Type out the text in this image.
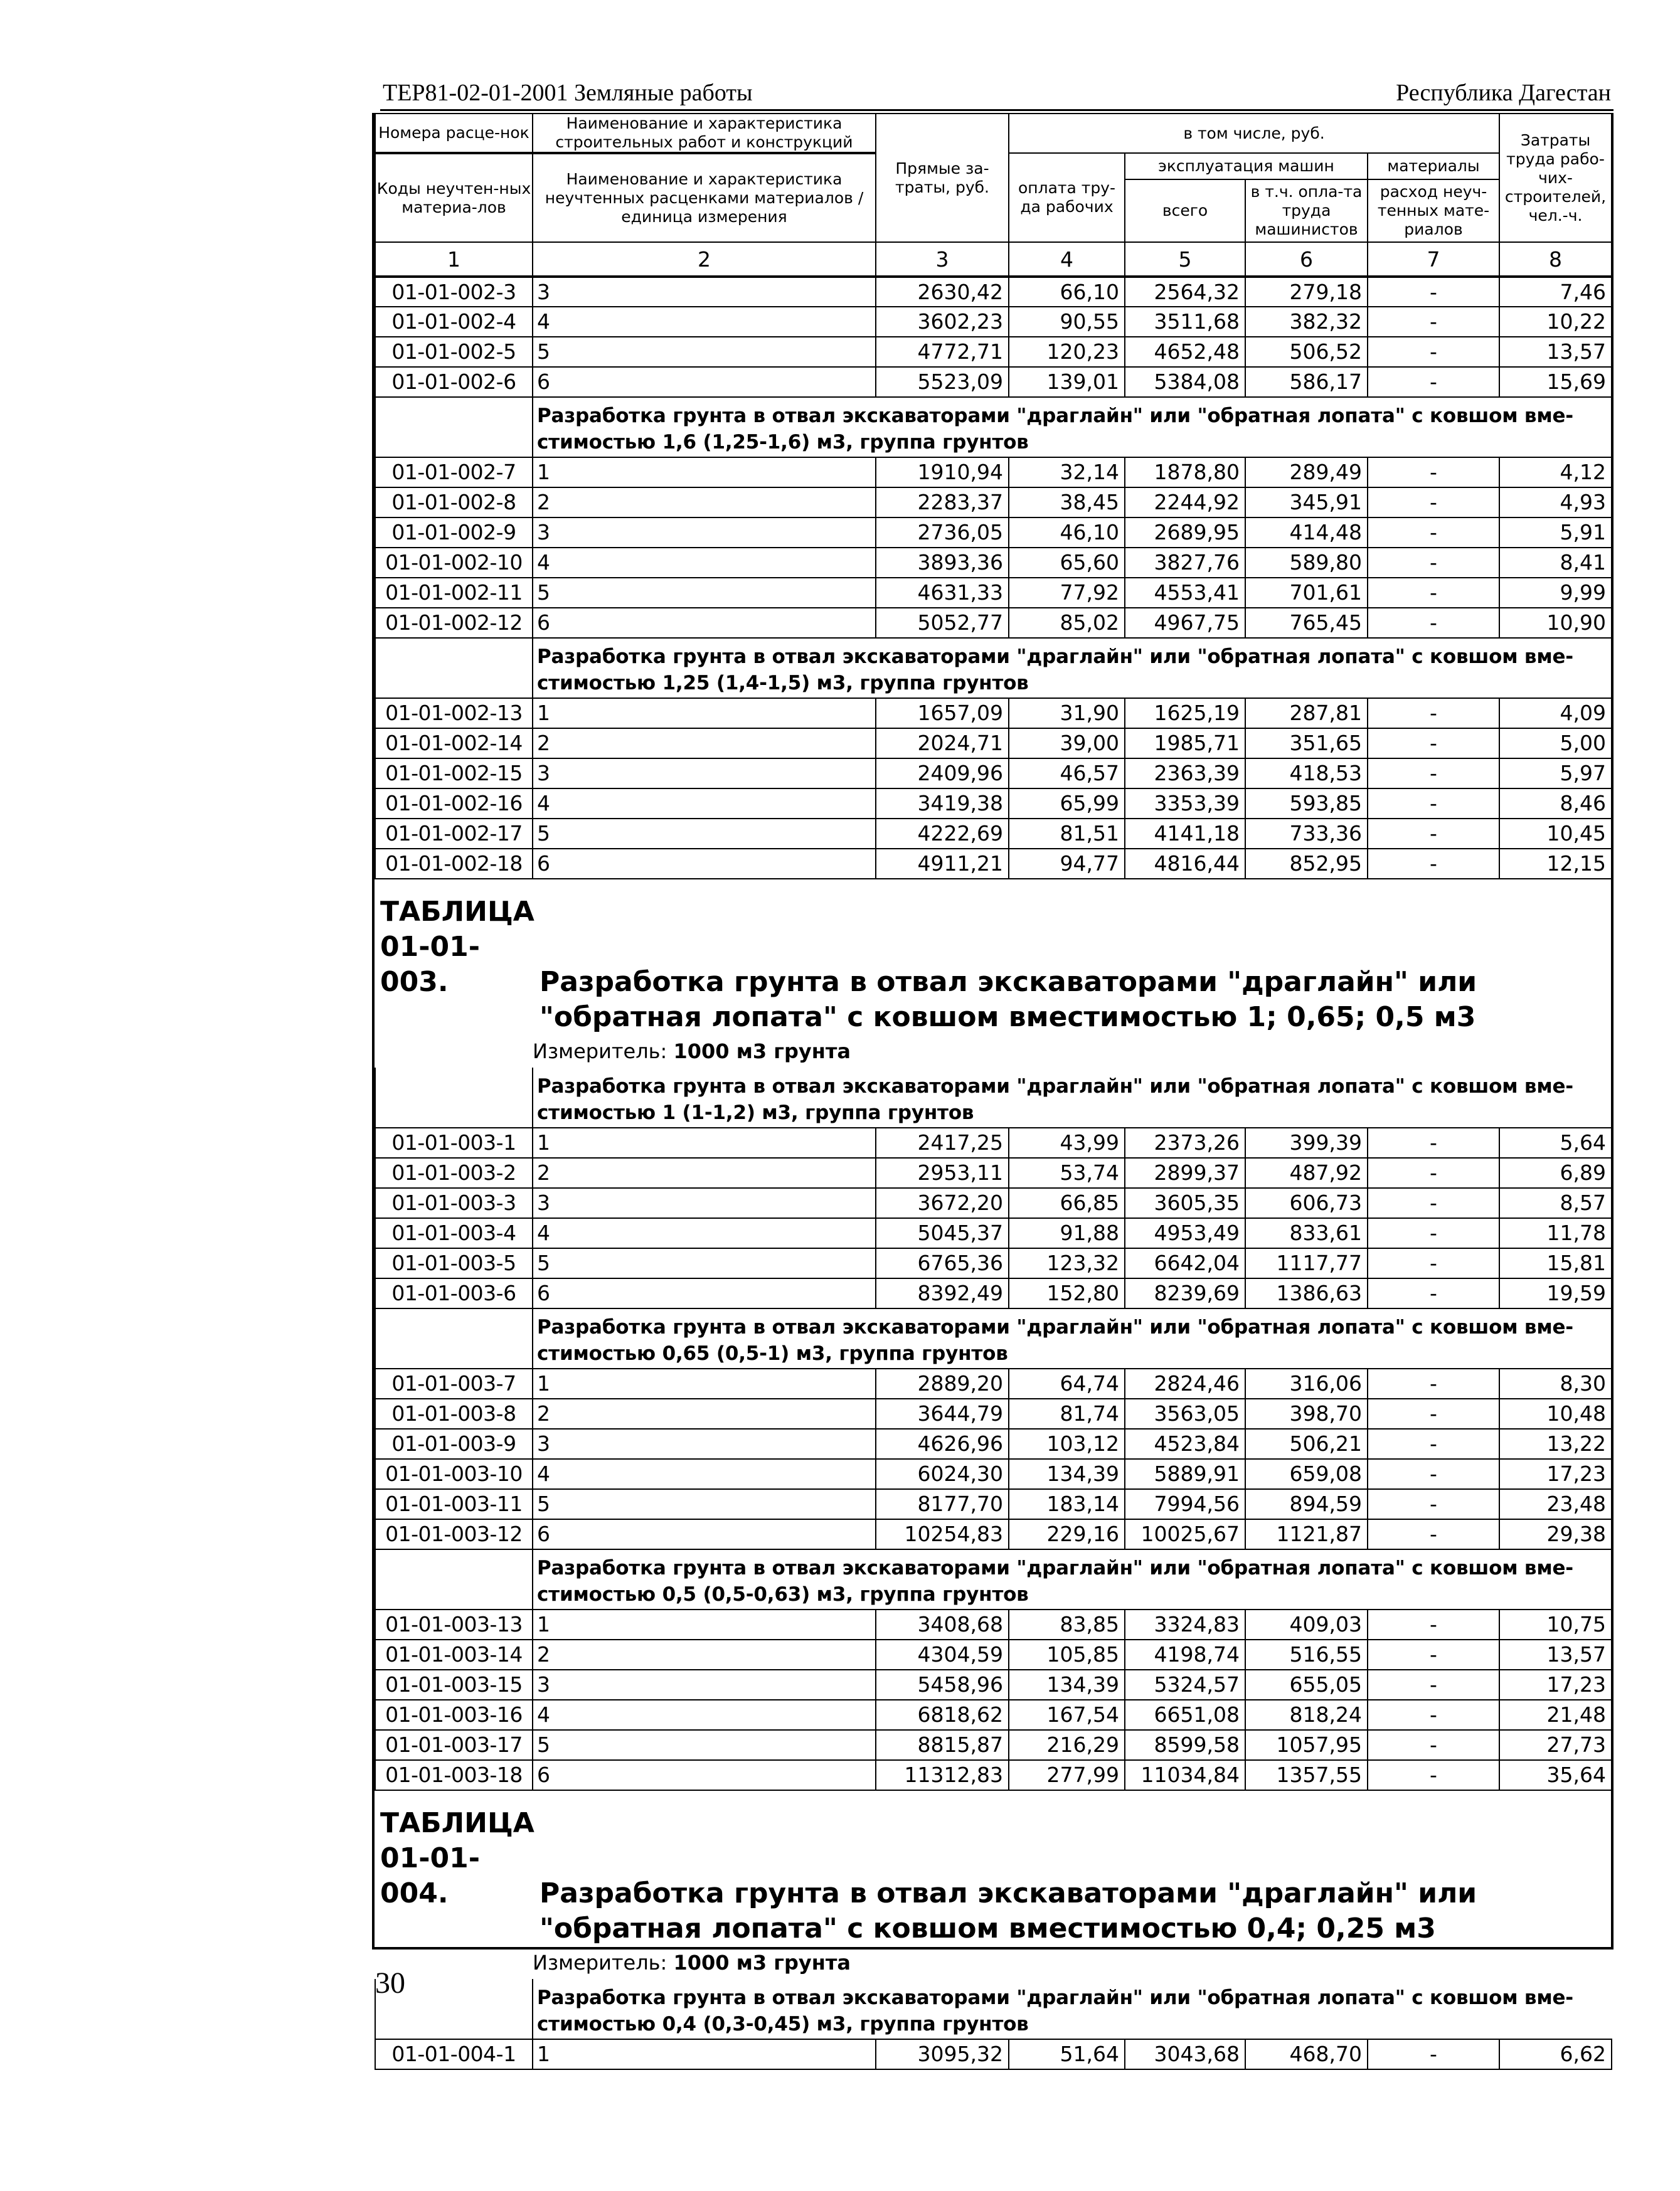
ТЕР81-02-01-2001 Земляные работы	Республика Дагестан
Номера расце-нок	Наименование и характеристика строительных работ и конструкций	Прямые за-траты, руб.	в том числе, руб.				Затраты труда рабо-чих-строителей, чел.-ч.
Коды неучтен-ных материа-лов	Наименование и характеристика неучтенных расценками материалов / единица измерения		оплата тру-да рабочих	эксплуатация машин		материалы	
				всего	в т.ч. опла-та труда машинистов	расход неуч-тенных мате-риалов	
1	2	3	4	5	6	7	8
01-01-002-3	3	2630,42	66,10	2564,32	279,18	-	7,46
01-01-002-4	4	3602,23	90,55	3511,68	382,32	-	10,22
01-01-002-5	5	4772,71	120,23	4652,48	506,52	-	13,57
01-01-002-6	6	5523,09	139,01	5384,08	586,17	-	15,69
	Разработка грунта в отвал экскаваторами "драглайн" или "обратная лопата" с ковшом вме-стимостью 1,6 (1,25-1,6) м3, группа грунтов						
01-01-002-7	1	1910,94	32,14	1878,80	289,49	-	4,12
01-01-002-8	2	2283,37	38,45	2244,92	345,91	-	4,93
01-01-002-9	3	2736,05	46,10	2689,95	414,48	-	5,91
01-01-002-10	4	3893,36	65,60	3827,76	589,80	-	8,41
01-01-002-11	5	4631,33	77,92	4553,41	701,61	-	9,99
01-01-002-12	6	5052,77	85,02	4967,75	765,45	-	10,90
	Разработка грунта в отвал экскаваторами "драглайн" или "обратная лопата" с ковшом вме-стимостью 1,25 (1,4-1,5) м3, группа грунтов						
01-01-002-13	1	1657,09	31,90	1625,19	287,81	-	4,09
01-01-002-14	2	2024,71	39,00	1985,71	351,65	-	5,00
01-01-002-15	3	2409,96	46,57	2363,39	418,53	-	5,97
01-01-002-16	4	3419,38	65,99	3353,39	593,85	-	8,46
01-01-002-17	5	4222,69	81,51	4141,18	733,36	-	10,45
01-01-002-18	6	4911,21	94,77	4816,44	852,95	-	12,15
ТАБЛИЦА 01-01-003. Разработка грунта в отвал экскаваторами "драглайн" или
"обратная лопата" с ковшом вместимостью 1; 0,65; 0,5 м3							

	Измеритель: 1000 м3 грунта						
	Разработка грунта в отвал экскаваторами "драглайн" или "обратная лопата" с ковшом вме-стимостью 1 (1-1,2) м3, группа грунтов						
01-01-003-1	1	2417,25	43,99	2373,26	399,39	-	5,64
01-01-003-2	2	2953,11	53,74	2899,37	487,92	-	6,89
01-01-003-3	3	3672,20	66,85	3605,35	606,73	-	8,57
01-01-003-4	4	5045,37	91,88	4953,49	833,61	-	11,78
01-01-003-5	5	6765,36	123,32	6642,04	1117,77	-	15,81
01-01-003-6	6	8392,49	152,80	8239,69	1386,63	-	19,59
	Разработка грунта в отвал экскаваторами "драглайн" или "обратная лопата" с ковшом вме-стимостью 0,65 (0,5-1) м3, группа грунтов						
01-01-003-7	1	2889,20	64,74	2824,46	316,06	-	8,30
01-01-003-8	2	3644,79	81,74	3563,05	398,70	-	10,48
01-01-003-9	3	4626,96	103,12	4523,84	506,21	-	13,22
01-01-003-10	4	6024,30	134,39	5889,91	659,08	-	17,23
01-01-003-11	5	8177,70	183,14	7994,56	894,59	-	23,48
01-01-003-12	6	10254,83	229,16	10025,67	1121,87	-	29,38
	Разработка грунта в отвал экскаваторами "драглайн" или "обратная лопата" с ковшом вме-стимостью 0,5 (0,5-0,63) м3, группа грунтов						
01-01-003-13	1	3408,68	83,85	3324,83	409,03	-	10,75
01-01-003-14	2	4304,59	105,85	4198,74	516,55	-	13,57
01-01-003-15	3	5458,96	134,39	5324,57	655,05	-	17,23
01-01-003-16	4	6818,62	167,54	6651,08	818,24	-	21,48
01-01-003-17	5	8815,87	216,29	8599,58	1057,95	-	27,73
01-01-003-18	6	11312,83	277,99	11034,84	1357,55	-	35,64
ТАБЛИЦА 01-01-004. Разработка грунта в отвал экскаваторами "драглайн" или
"обратная лопата" с ковшом вместимостью 0,4; 0,25 м3							

	Измеритель: 1000 м3 грунта						
	Разработка грунта в отвал экскаваторами "драглайн" или "обратная лопата" с ковшом вме-стимостью 0,4 (0,3-0,45) м3, группа грунтов						
01-01-004-1	1	3095,32	51,64	3043,68	468,70	-	6,62
30
